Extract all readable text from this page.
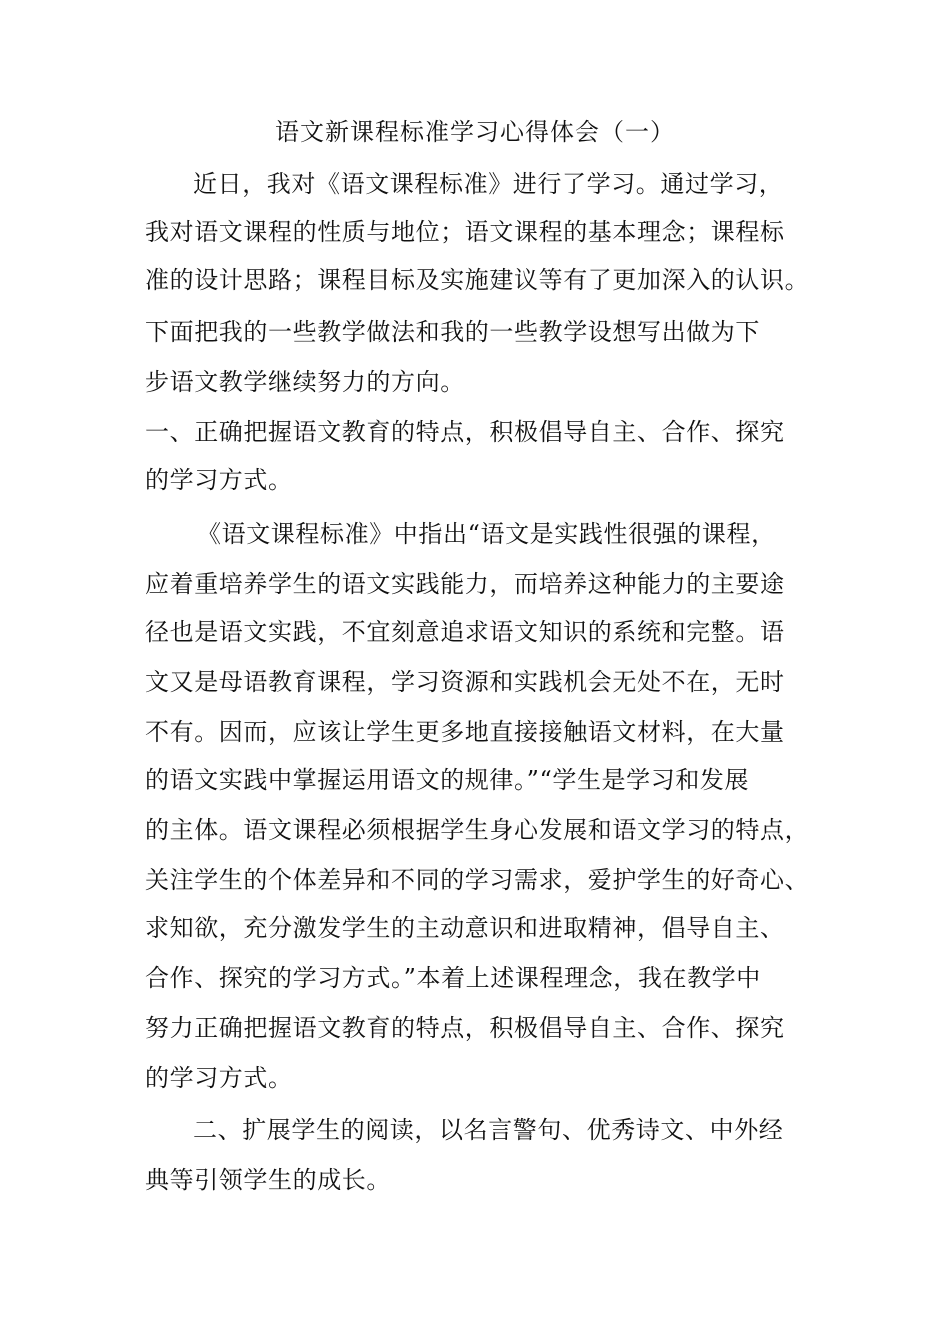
语文新课程标准学习心得体会（一）
近日，我对《语文课程标准》进行了学习。通过学习，
我对语文课程的性质与地位；语文课程的基本理念；课程标
准的设计思路；课程目标及实施建议等有了更加深入的认识。
下面把我的一些教学做法和我的一些教学设想写出做为下
步语文教学继续努力的方向。
一、正确把握语文教育的特点，积极倡导自主、合作、探究
的学习方式。
《语文课程标准》中指出“语文是实践性很强的课程，
应着重培养学生的语文实践能力，而培养这种能力的主要途
径也是语文实践，不宜刻意追求语文知识的系统和完整。语
文又是母语教育课程，学习资源和实践机会无处不在，无时
不有。因而，应该让学生更多地直接接触语文材料，在大量
的语文实践中掌握运用语文的规律。”“学生是学习和发展
的主体。语文课程必须根据学生身心发展和语文学习的特点，
关注学生的个体差异和不同的学习需求，爱护学生的好奇心、
求知欲，充分激发学生的主动意识和进取精神，倡导自主、
合作、探究的学习方式。”本着上述课程理念，我在教学中
努力正确把握语文教育的特点，积极倡导自主、合作、探究
的学习方式。
二、扩展学生的阅读，以名言警句、优秀诗文、中外经
典等引领学生的成长。
